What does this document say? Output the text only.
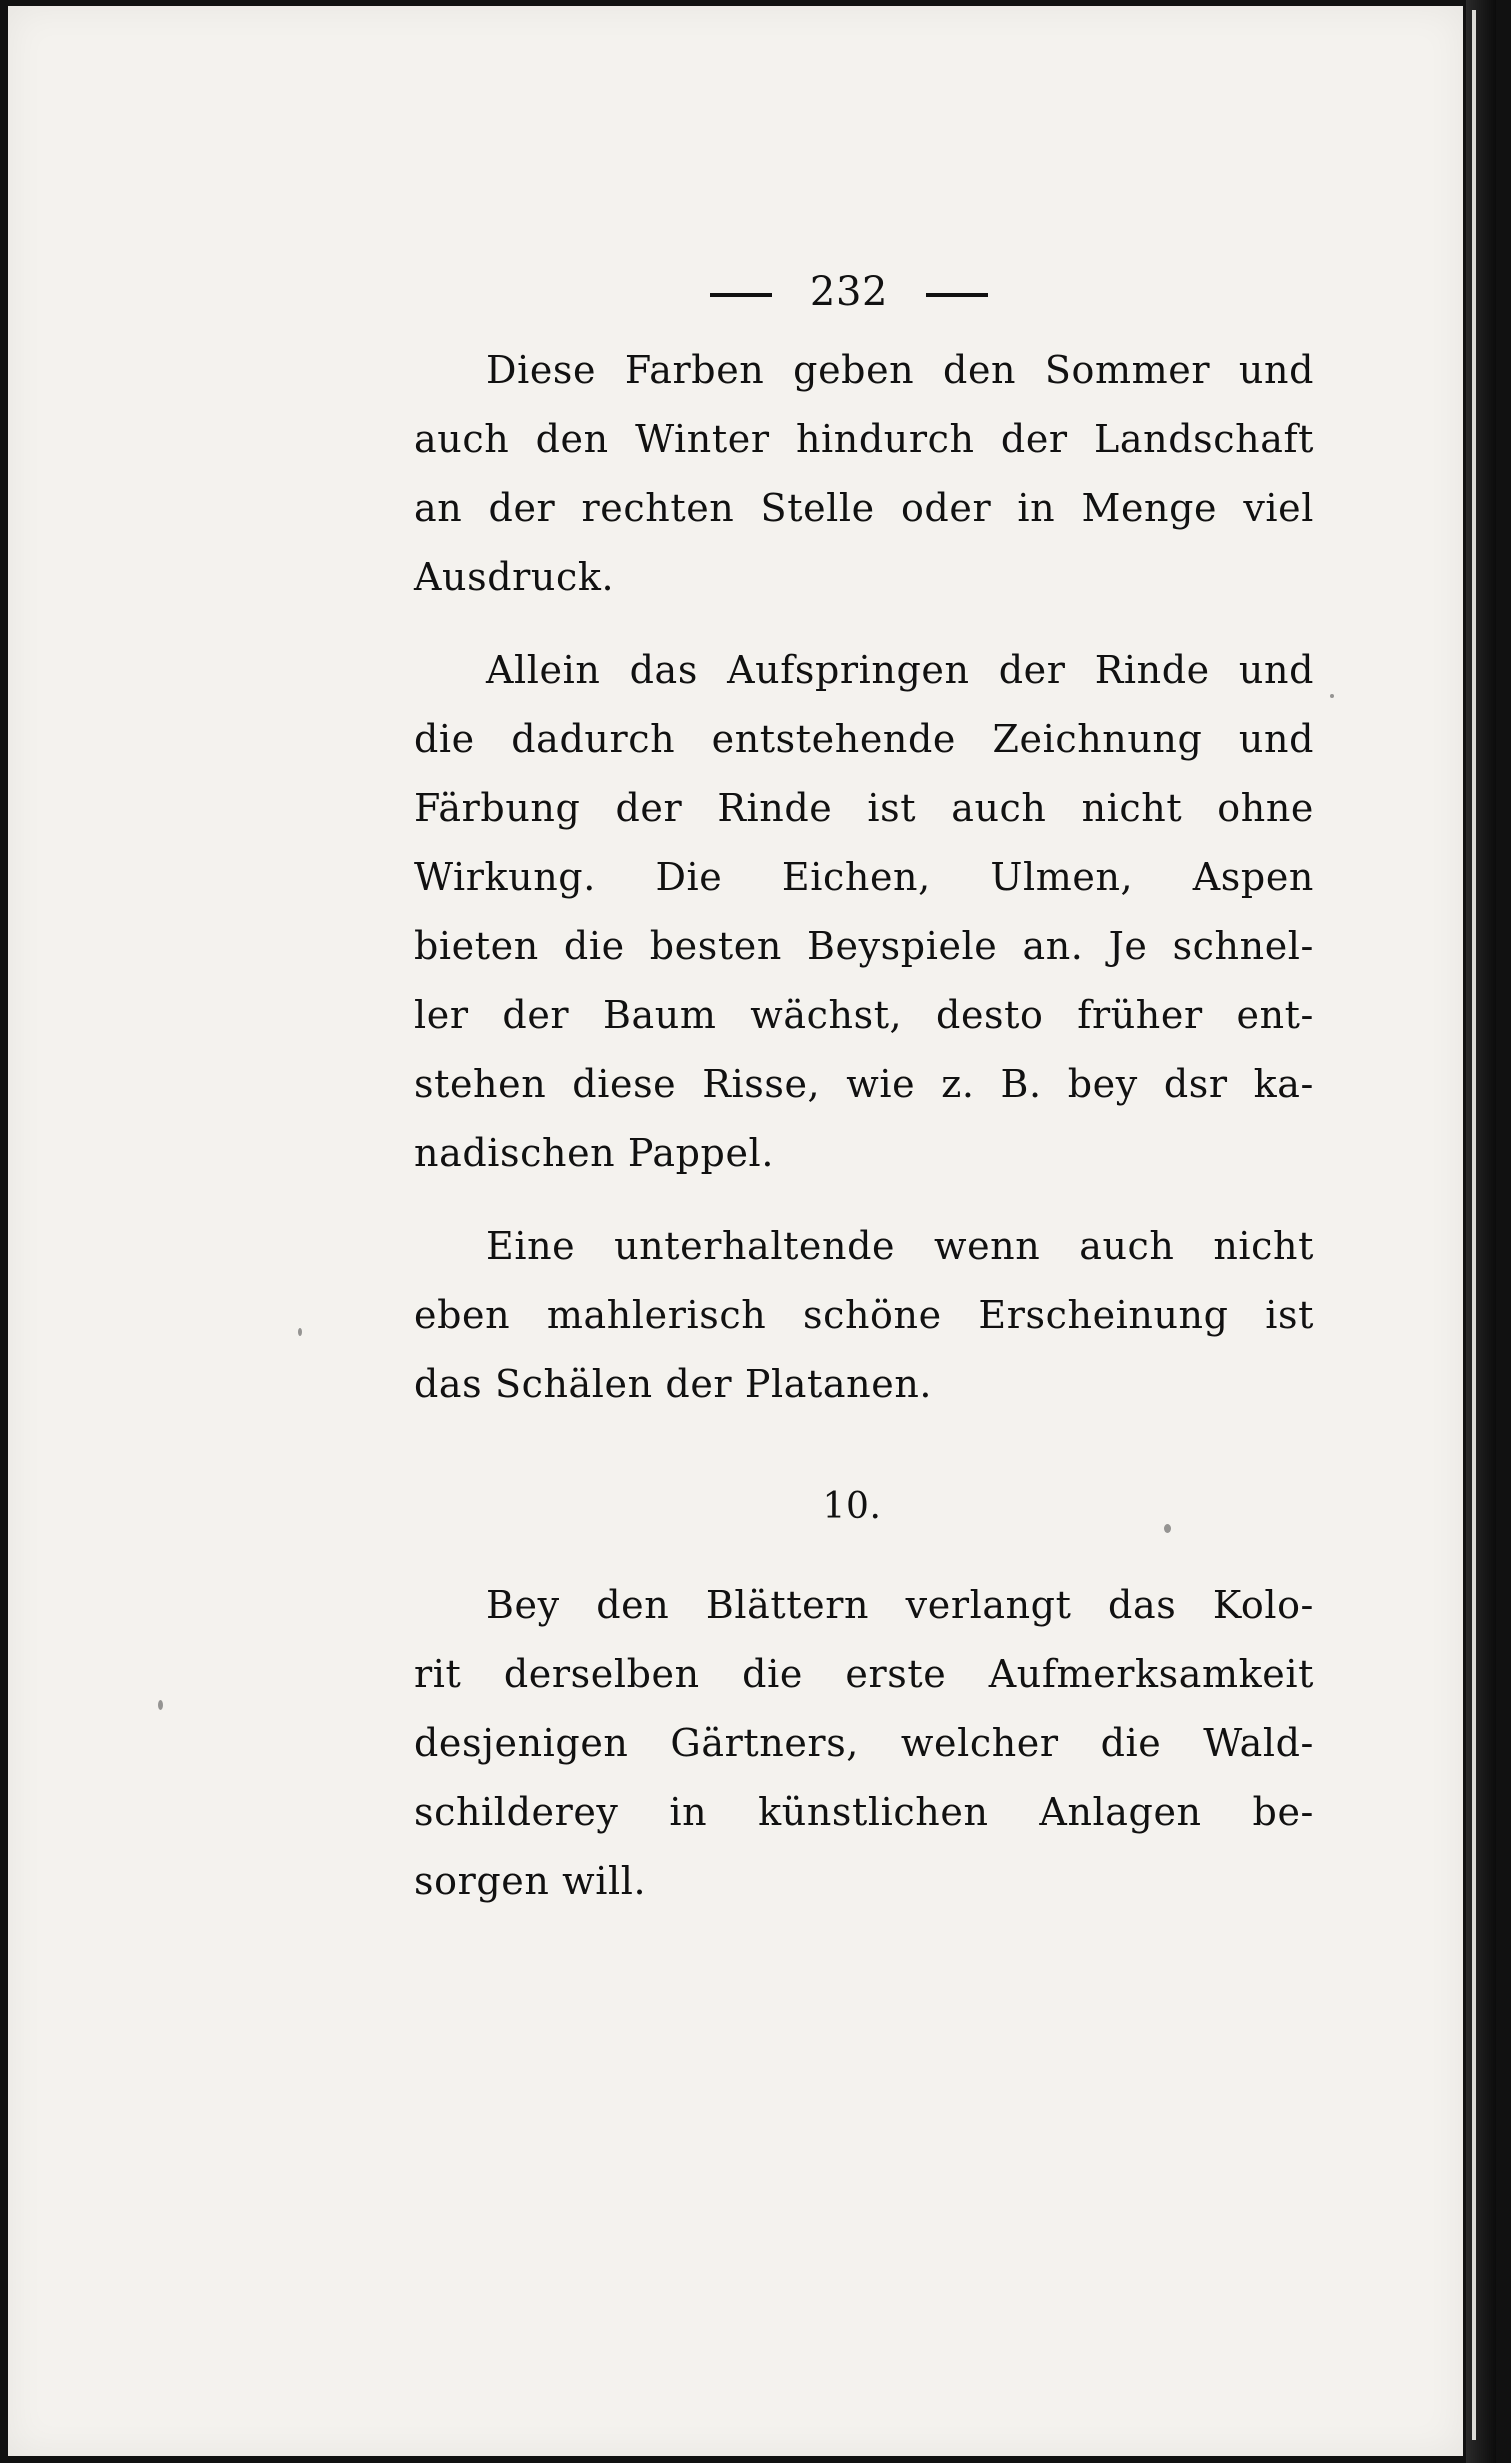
232
Diese Farben geben den Sommer und
auch den Winter hindurch der Landschaft
an der rechten Stelle oder in Menge viel
Ausdruck.
Allein das Aufspringen der Rinde und
die dadurch entstehende Zeichnung und
Färbung der Rinde ist auch nicht ohne
Wirkung. Die Eichen, Ulmen, Aspen
bieten die besten Beyspiele an. Je schnel-
ler der Baum wächst, desto früher ent-
stehen diese Risse, wie z. B. bey dsr ka-
nadischen Pappel.
Eine unterhaltende wenn auch nicht
eben mahlerisch schöne Erscheinung ist
das Schälen der Platanen.
10.
Bey den Blättern verlangt das Kolo-
rit derselben die erste Aufmerksamkeit
desjenigen Gärtners, welcher die Wald-
schilderey in künstlichen Anlagen be-
sorgen will.
